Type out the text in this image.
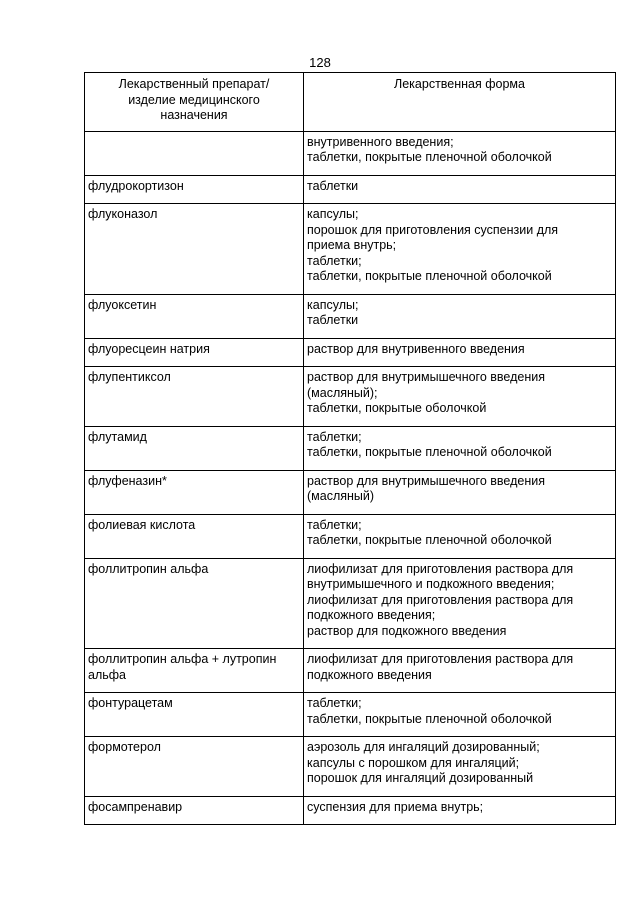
128
Лекарственный препарат/
изделие медицинского
назначения	Лекарственная форма

	внутривенного введения;
таблетки, покрытые пленочной оболочкой

флудрокортизон	таблетки

флуконазол	капсулы;
порошок для приготовления суспензии для
приема внутрь;
таблетки;
таблетки, покрытые пленочной оболочкой

флуоксетин	капсулы;
таблетки

флуоресцеин натрия	раствор для внутривенного введения

флупентиксол	раствор для внутримышечного введения
(масляный);
таблетки, покрытые оболочкой

флутамид	таблетки;
таблетки, покрытые пленочной оболочкой

флуфеназин*	раствор для внутримышечного введения
(масляный)

фолиевая кислота	таблетки;
таблетки, покрытые пленочной оболочкой

фоллитропин альфа	лиофилизат для приготовления раствора для
внутримышечного и подкожного введения;
лиофилизат для приготовления раствора для
подкожного введения;
раствор для подкожного введения

фоллитропин альфа + лутропин
альфа	лиофилизат для приготовления раствора для
подкожного введения

фонтурацетам	таблетки;
таблетки, покрытые пленочной оболочкой

формотерол	аэрозоль для ингаляций дозированный;
капсулы с порошком для ингаляций;
порошок для ингаляций дозированный

фосампренавир	суспензия для приема внутрь;
